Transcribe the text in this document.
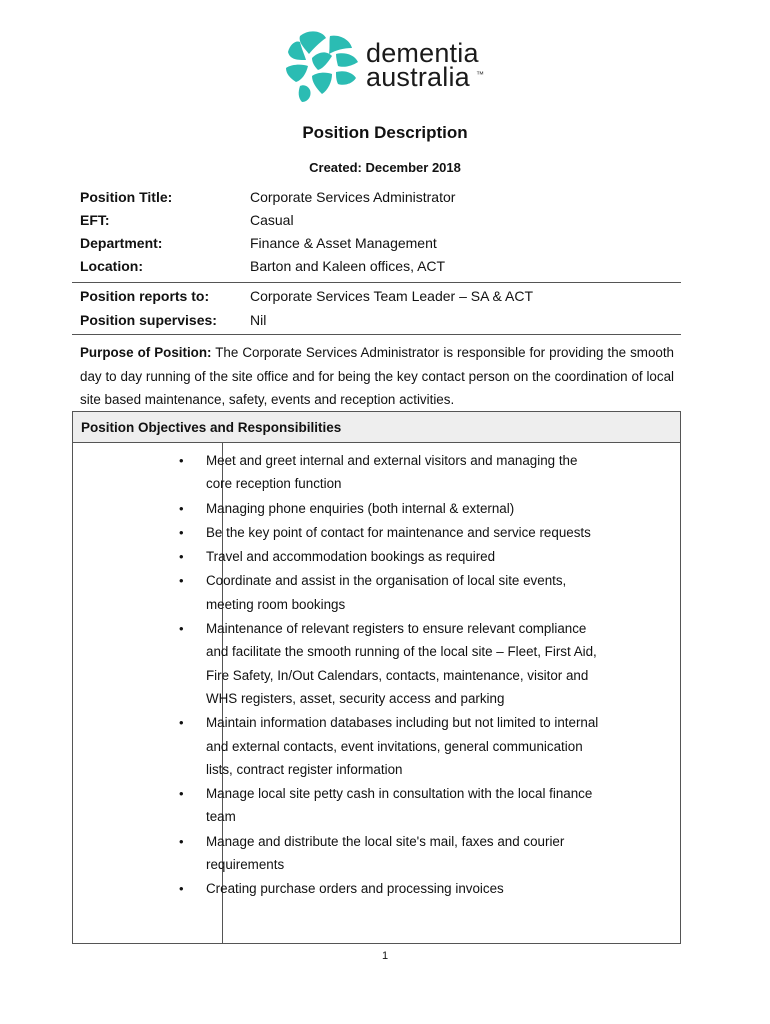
dementia
australia ™
Position Description
Created: December 2018
Position Title:	Corporate Services Administrator
EFT:	Casual
Department:	Finance & Asset Management
Location:	Barton and Kaleen offices, ACT
Position reports to:	Corporate Services Team Leader – SA & ACT
Position supervises: Nil
Purpose of Position: The Corporate Services Administrator is responsible for providing the smooth day to day running of the site office and for being the key contact person on the coordination of local site based maintenance, safety, events and reception activities.
Position Objectives and Responsibilities
• Meet and greet internal and external visitors and managing the core reception function
• Managing phone enquiries (both internal & external)
• Be the key point of contact for maintenance and service requests
• Travel and accommodation bookings as required
• Coordinate and assist in the organisation of local site events, meeting room bookings
• Maintenance of relevant registers to ensure relevant compliance and facilitate the smooth running of the local site – Fleet, First Aid, Fire Safety, In/Out Calendars, contacts, maintenance, visitor and WHS registers, asset, security access and parking
• Maintain information databases including but not limited to internal and external contacts, event invitations, general communication lists, contract register information
• Manage local site petty cash in consultation with the local finance team
• Manage and distribute the local site's mail, faxes and courier requirements
• Creating purchase orders and processing invoices
1
